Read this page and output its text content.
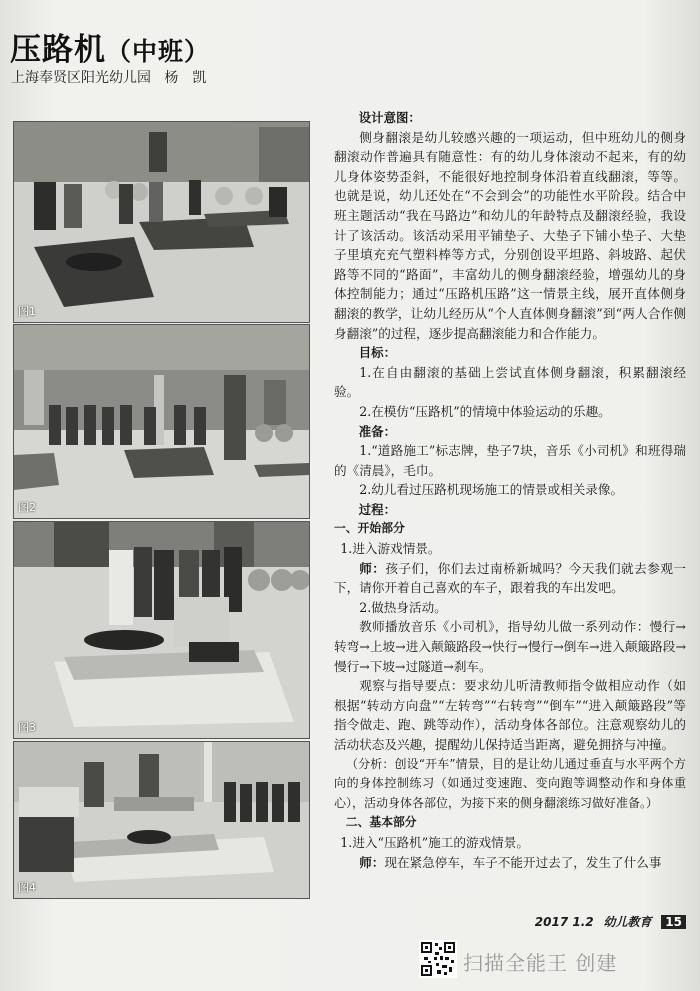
压路机（中班）
上海奉贤区阳光幼儿园 杨　凯
图1
图2
图3
图4

设计意图：

侧身翻滚是幼儿较感兴趣的一项运动，但中班幼儿的侧身翻滚动作普遍具有随意性：有的幼儿身体滚动不起来，有的幼儿身体姿势歪斜，不能很好地控制身体沿着直线翻滚，等等。也就是说，幼儿还处在“不会到会”的功能性水平阶段。结合中班主题活动“我在马路边”和幼儿的年龄特点及翻滚经验，我设计了该活动。该活动采用平铺垫子、大垫子下铺小垫子、大垫子里填充充气塑料棒等方式，分别创设平坦路、斜坡路、起伏路等不同的“路面”，丰富幼儿的侧身翻滚经验，增强幼儿的身体控制能力；通过“压路机压路”这一情景主线，展开直体侧身翻滚的教学，让幼儿经历从“个人直体侧身翻滚”到“两人合作侧身翻滚”的过程，逐步提高翻滚能力和合作能力。

目标：

1.在自由翻滚的基础上尝试直体侧身翻滚，积累翻滚经验。

2.在模仿“压路机”的情境中体验运动的乐趣。

准备：

1.“道路施工”标志牌，垫子7块，音乐《小司机》和班得瑞的《清晨》，毛巾。

2.幼儿看过压路机现场施工的情景或相关录像。

过程：

一、开始部分

1.进入游戏情景。

师：孩子们，你们去过南桥新城吗？今天我们就去参观一下，请你开着自己喜欢的车子，跟着我的车出发吧。

2.做热身活动。

教师播放音乐《小司机》，指导幼儿做一系列动作：慢行→转弯→上坡→进入颠簸路段→快行→慢行→倒车→进入颠簸路段→慢行→下坡→过隧道→刹车。

观察与指导要点：要求幼儿听清教师指令做相应动作（如根据“转动方向盘”“左转弯”“右转弯”“倒车”“进入颠簸路段”等指令做走、跑、跳等动作），活动身体各部位。注意观察幼儿的活动状态及兴趣，提醒幼儿保持适当距离，避免拥挤与冲撞。

（分析：创设“开车”情景，目的是让幼儿通过垂直与水平两个方向的身体控制练习（如通过变速跑、变向跑等调整动作和身体重心），活动身体各部位，为接下来的侧身翻滚练习做好准备。）

二、基本部分

1.进入“压路机”施工的游戏情景。

师：现在紧急停车，车子不能开过去了，发生了什么事

2017 1.2 幼儿教育 15
扫描全能王 创建
